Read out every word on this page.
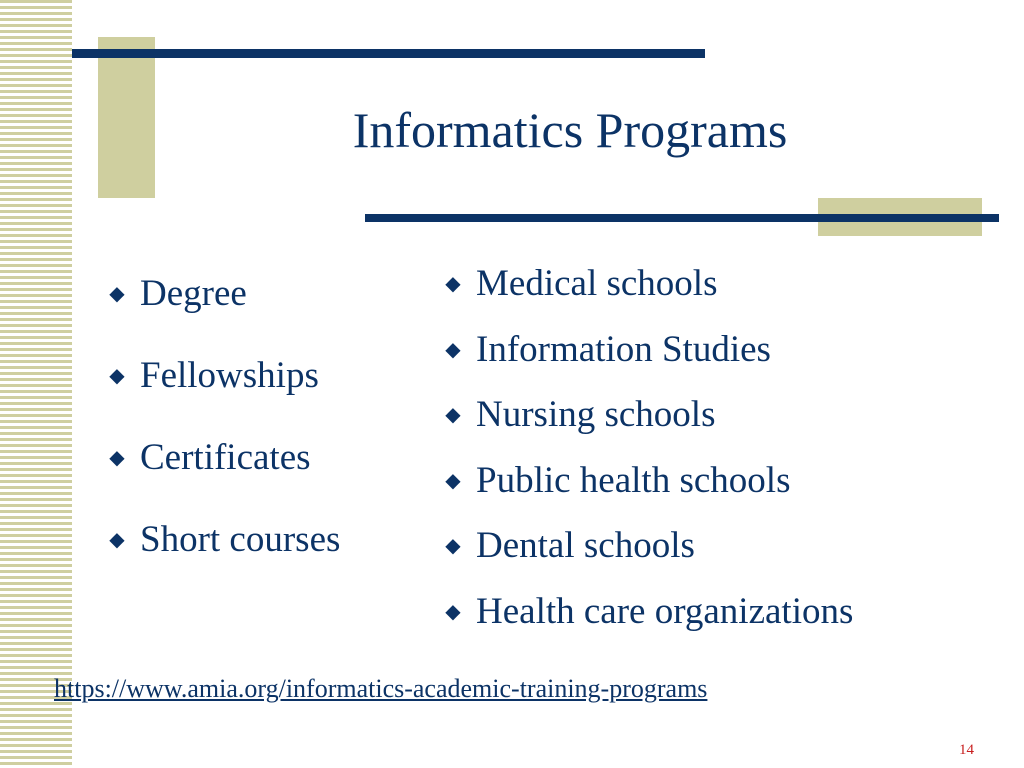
Informatics Programs
◆ Degree
◆ Fellowships
◆ Certificates
◆ Short courses
◆ Medical schools
◆ Information Studies
◆ Nursing schools
◆ Public health schools
◆ Dental schools
◆ Health care organizations
https://www.amia.org/informatics-academic-training-programs
14
